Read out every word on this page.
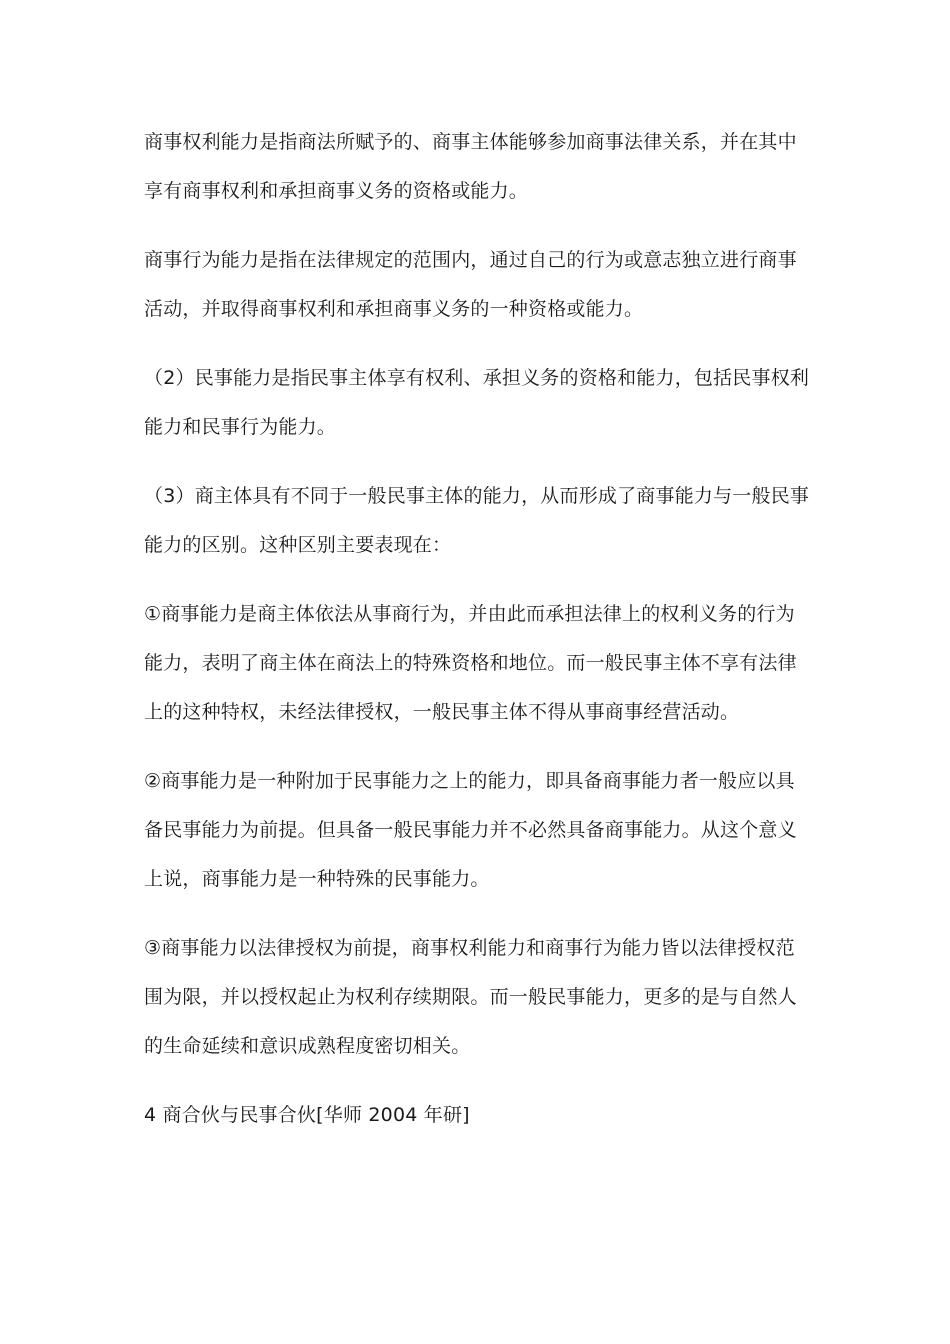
商事权利能力是指商法所赋予的、商事主体能够参加商事法律关系，并在其中享有商事权利和承担商事义务的资格或能力。

商事行为能力是指在法律规定的范围内，通过自己的行为或意志独立进行商事活动，并取得商事权利和承担商事义务的一种资格或能力。

（2）民事能力是指民事主体享有权利、承担义务的资格和能力，包括民事权利能力和民事行为能力。

（3）商主体具有不同于一般民事主体的能力，从而形成了商事能力与一般民事能力的区别。这种区别主要表现在：

①商事能力是商主体依法从事商行为，并由此而承担法律上的权利义务的行为能力，表明了商主体在商法上的特殊资格和地位。而一般民事主体不享有法律上的这种特权，未经法律授权，一般民事主体不得从事商事经营活动。

②商事能力是一种附加于民事能力之上的能力，即具备商事能力者一般应以具备民事能力为前提。但具备一般民事能力并不必然具备商事能力。从这个意义上说，商事能力是一种特殊的民事能力。

③商事能力以法律授权为前提，商事权利能力和商事行为能力皆以法律授权范围为限，并以授权起止为权利存续期限。而一般民事能力，更多的是与自然人的生命延续和意识成熟程度密切相关。

4 商合伙与民事合伙[华师 2004 年研]
